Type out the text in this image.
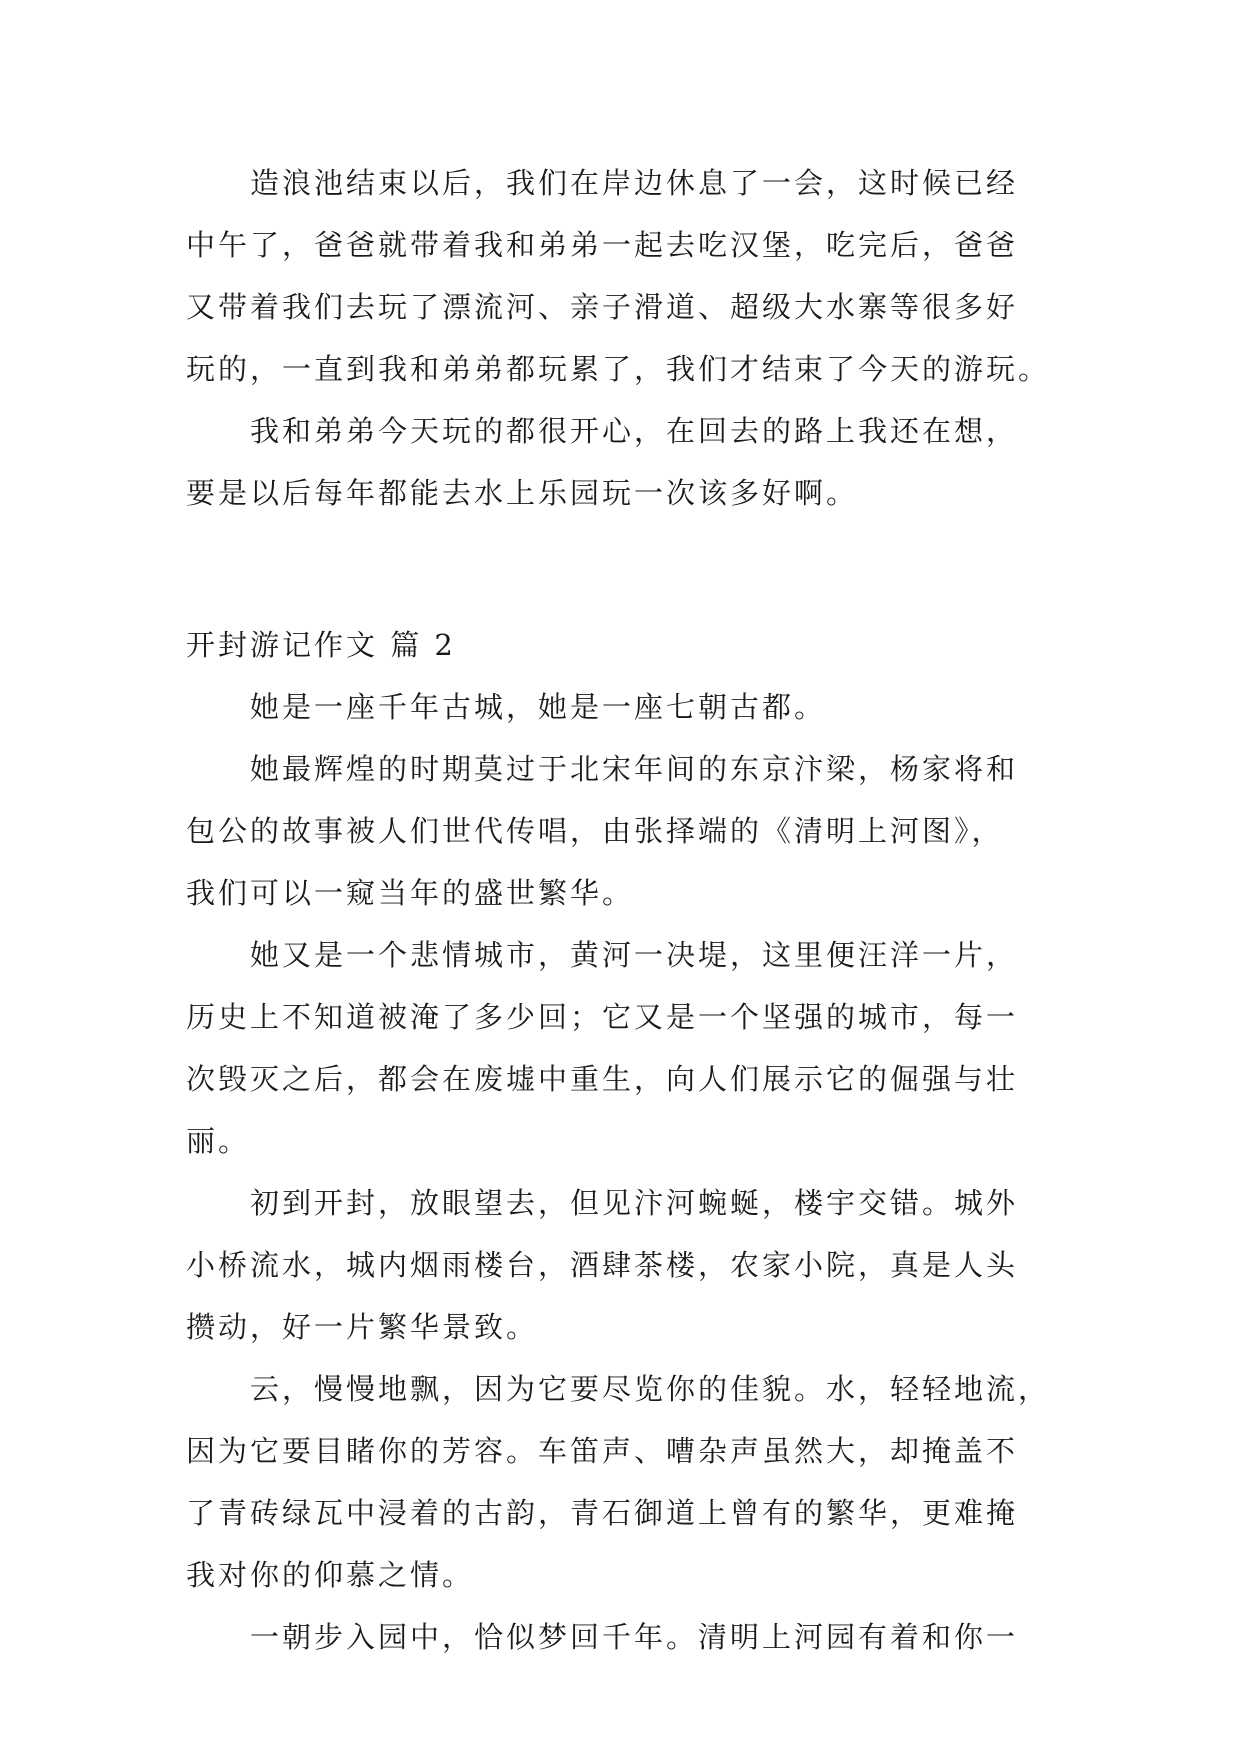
造浪池结束以后，我们在岸边休息了一会，这时候已经
中午了，爸爸就带着我和弟弟一起去吃汉堡，吃完后，爸爸
又带着我们去玩了漂流河、亲子滑道、超级大水寨等很多好
玩的，一直到我和弟弟都玩累了，我们才结束了今天的游玩。
我和弟弟今天玩的都很开心，在回去的路上我还在想，
要是以后每年都能去水上乐园玩一次该多好啊。
开封游记作文 篇 2
她是一座千年古城，她是一座七朝古都。
她最辉煌的时期莫过于北宋年间的东京汴梁，杨家将和
包公的故事被人们世代传唱，由张择端的《清明上河图》，
我们可以一窥当年的盛世繁华。
她又是一个悲情城市，黄河一决堤，这里便汪洋一片，
历史上不知道被淹了多少回；它又是一个坚强的城市，每一
次毁灭之后，都会在废墟中重生，向人们展示它的倔强与壮
丽。
初到开封，放眼望去，但见汴河蜿蜒，楼宇交错。城外
小桥流水，城内烟雨楼台，酒肆茶楼，农家小院，真是人头
攒动，好一片繁华景致。
云，慢慢地飘，因为它要尽览你的佳貌。水，轻轻地流，
因为它要目睹你的芳容。车笛声、嘈杂声虽然大，却掩盖不
了青砖绿瓦中浸着的古韵，青石御道上曾有的繁华，更难掩
我对你的仰慕之情。
一朝步入园中，恰似梦回千年。清明上河园有着和你一
